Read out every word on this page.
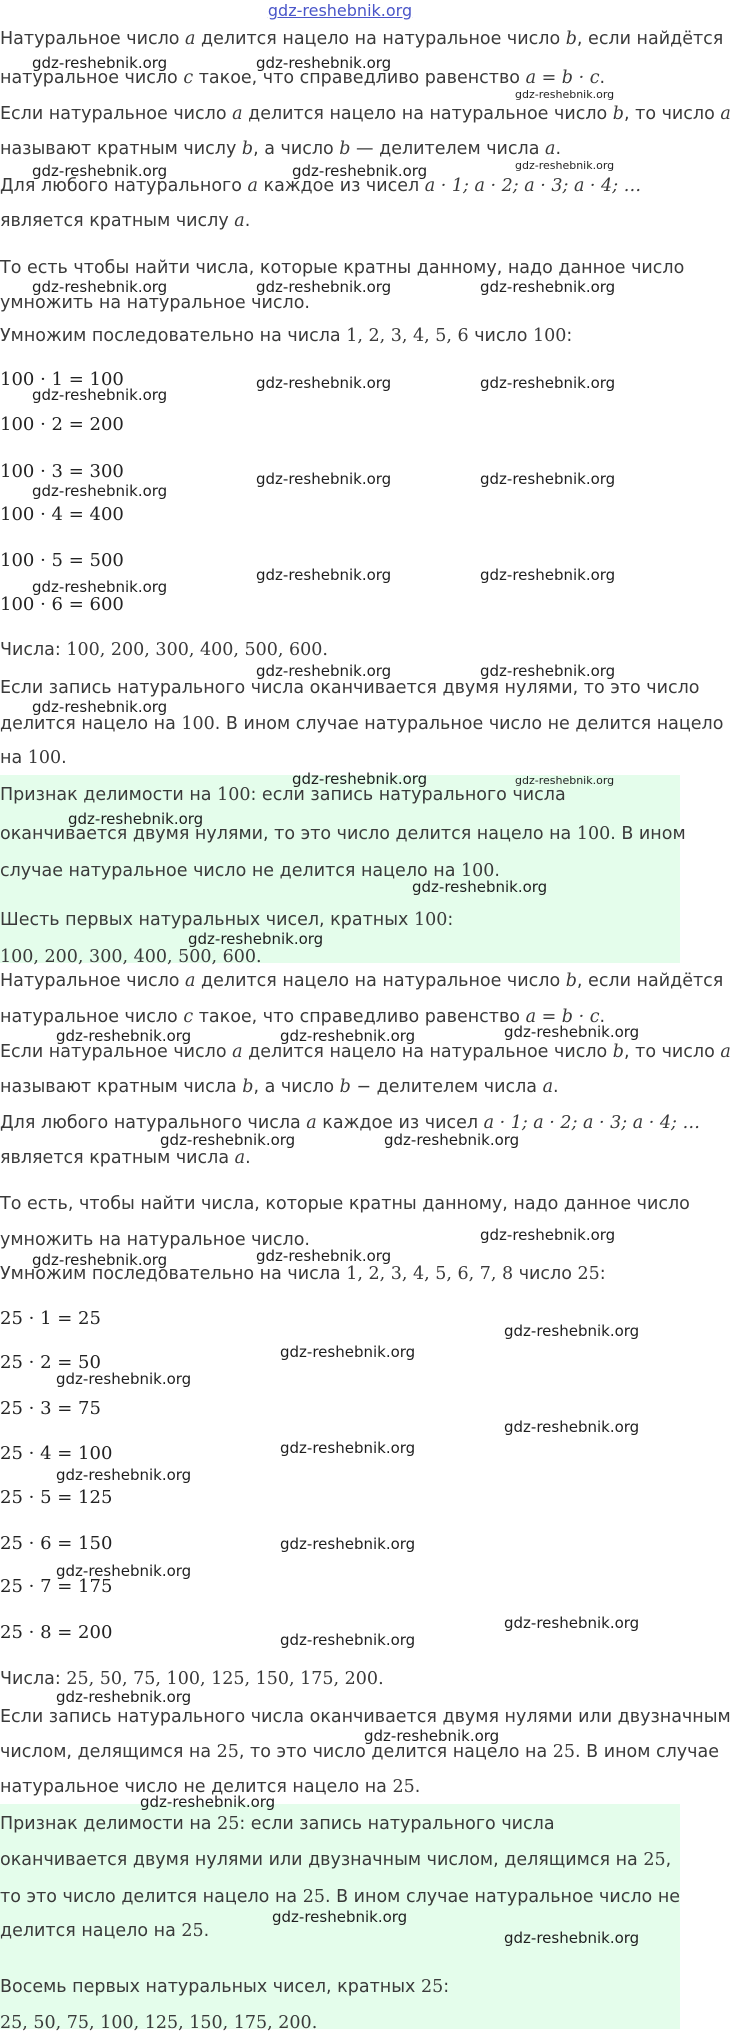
gdz-reshebnik.org
Натуральное число a делится нацело на натуральное число b, если найдётся
натуральное число c такое, что справедливо равенство a = b · c.
Если натуральное число a делится нацело на натуральное число b, то число a
называют кратным числу b, а число b — делителем числа a.
Для любого натурального a каждое из чисел a · 1; a · 2; a · 3; a · 4; …
является кратным числу a.
То есть чтобы найти числа, которые кратны данному, надо данное число
умножить на натуральное число.
Умножим последовательно на числа 1, 2, 3, 4, 5, 6 число 100:
100 · 1 = 100
100 · 2 = 200
100 · 3 = 300
100 · 4 = 400
100 · 5 = 500
100 · 6 = 600
Числа: 100, 200, 300, 400, 500, 600.
Если запись натурального числа оканчивается двумя нулями, то это число
делится нацело на 100. В ином случае натуральное число не делится нацело
на 100.
Признак делимости на 100: если запись натурального числа
оканчивается двумя нулями, то это число делится нацело на 100. В ином
случае натуральное число не делится нацело на 100.
Шесть первых натуральных чисел, кратных 100:
100, 200, 300, 400, 500, 600.
Натуральное число a делится нацело на натуральное число b, если найдётся
натуральное число c такое, что справедливо равенство a = b · c.
Если натуральное число a делится нацело на натуральное число b, то число a
называют кратным числа b, а число b − делителем числа a.
Для любого натурального числа a каждое из чисел a · 1; a · 2; a · 3; a · 4; …
является кратным числа a.
То есть, чтобы найти числа, которые кратны данному, надо данное число
умножить на натуральное число.
Умножим последовательно на числа 1, 2, 3, 4, 5, 6, 7, 8 число 25:
25 · 1 = 25
25 · 2 = 50
25 · 3 = 75
25 · 4 = 100
25 · 5 = 125
25 · 6 = 150
25 · 7 = 175
25 · 8 = 200
Числа: 25, 50, 75, 100, 125, 150, 175, 200.
Если запись натурального числа оканчивается двумя нулями или двузначным
числом, делящимся на 25, то это число делится нацело на 25. В ином случае
натуральное число не делится нацело на 25.
Признак делимости на 25: если запись натурального числа
оканчивается двумя нулями или двузначным числом, делящимся на 25,
то это число делится нацело на 25. В ином случае натуральное число не
делится нацело на 25.
Восемь первых натуральных чисел, кратных 25:
25, 50, 75, 100, 125, 150, 175, 200.
gdz-reshebnik.org	gdz-reshebnik.org
gdz-reshebnik.org
gdz-reshebnik.org	gdz-reshebnik.org	gdz-reshebnik.org
gdz-reshebnik.org	gdz-reshebnik.org	gdz-reshebnik.org
gdz-reshebnik.org	gdz-reshebnik.org
gdz-reshebnik.org
gdz-reshebnik.org	gdz-reshebnik.org
gdz-reshebnik.org
gdz-reshebnik.org	gdz-reshebnik.org
gdz-reshebnik.org
gdz-reshebnik.org	gdz-reshebnik.org
gdz-reshebnik.org
gdz-reshebnik.org	gdz-reshebnik.org
gdz-reshebnik.org
gdz-reshebnik.org
gdz-reshebnik.org
gdz-reshebnik.org	gdz-reshebnik.org	gdz-reshebnik.org
gdz-reshebnik.org	gdz-reshebnik.org
gdz-reshebnik.org
gdz-reshebnik.org	gdz-reshebnik.org
gdz-reshebnik.org
gdz-reshebnik.org
gdz-reshebnik.org
gdz-reshebnik.org
gdz-reshebnik.org
gdz-reshebnik.org
gdz-reshebnik.org
gdz-reshebnik.org
gdz-reshebnik.org
gdz-reshebnik.org
gdz-reshebnik.org
gdz-reshebnik.org
gdz-reshebnik.org
gdz-reshebnik.org
gdz-reshebnik.org
